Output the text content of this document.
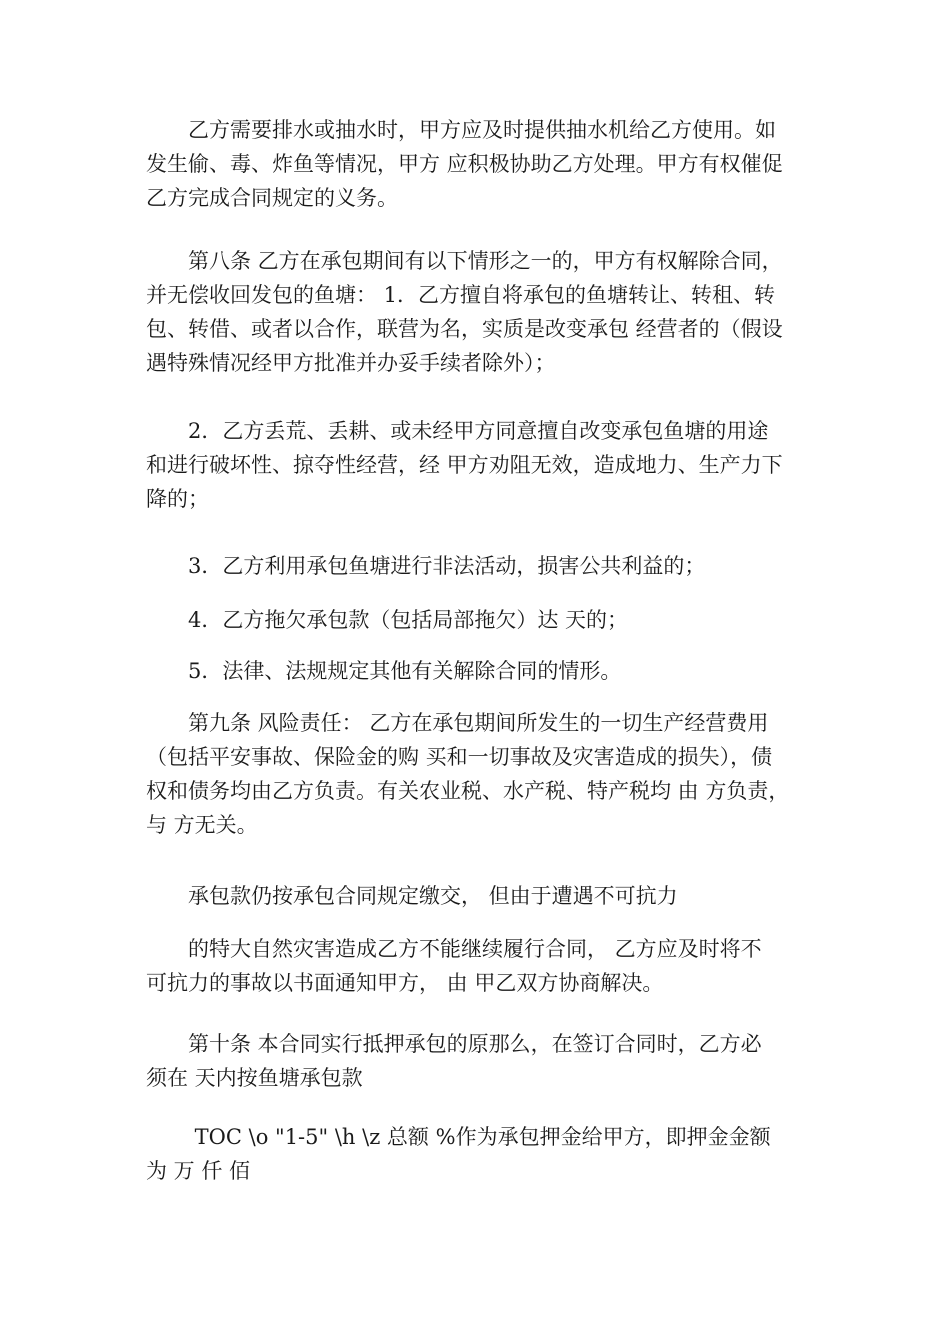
　　乙方需要排水或抽水时，甲方应及时提供抽水机给乙方使用。如
发生偷、毒、炸鱼等情况，甲方 应积极协助乙方处理。甲方有权催促
乙方完成合同规定的义务。

　　第八条 乙方在承包期间有以下情形之一的，甲方有权解除合同，
并无偿收回发包的鱼塘： 1．乙方擅自将承包的鱼塘转让、转租、转
包、转借、或者以合作，联营为名，实质是改变承包 经营者的（假设
遇特殊情况经甲方批准并办妥手续者除外）；

　　2．乙方丢荒、丢耕、或未经甲方同意擅自改变承包鱼塘的用途
和进行破坏性、掠夺性经营，经 甲方劝阻无效，造成地力、生产力下
降的；

　　3．乙方利用承包鱼塘进行非法活动，损害公共利益的；

　　4．乙方拖欠承包款（包括局部拖欠）达 天的；

　　5．法律、法规规定其他有关解除合同的情形。

　　第九条 风险责任： 乙方在承包期间所发生的一切生产经营费用
（包括平安事故、保险金的购 买和一切事故及灾害造成的损失），债
权和债务均由乙方负责。有关农业税、水产税、特产税均 由 方负责，
与 方无关。

　　承包款仍按承包合同规定缴交， 但由于遭遇不可抗力

　　的特大自然灾害造成乙方不能继续履行合同， 乙方应及时将不
可抗力的事故以书面通知甲方， 由 甲乙双方协商解决。

　　第十条 本合同实行抵押承包的原那么，在签订合同时，乙方必
须在 天内按鱼塘承包款

　　 TOC \o "1-5" \h \z 总额 %作为承包押金给甲方，即押金金额
为 万 仟 佰
